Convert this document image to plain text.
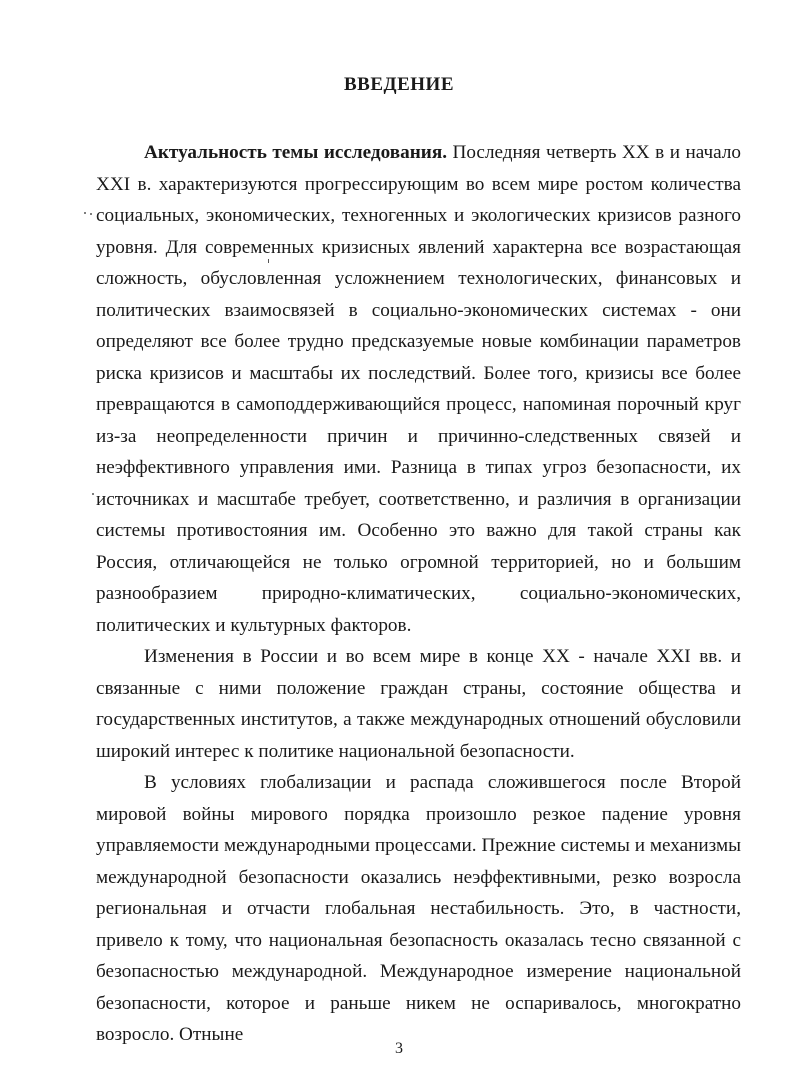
ВВЕДЕНИЕ

Актуальность темы исследования. Последняя четверть XX в и начало XXI в. характеризуются прогрессирующим во всем мире ростом количества социальных, экономических, техногенных и экологических кризисов разного уровня. Для современных кризисных явлений характерна все возрастающая сложность, обусловленная усложнением технологических, финансовых и политических взаимосвязей в социально-экономических системах - они определяют все более трудно предсказуемые новые комбинации параметров риска кризисов и масштабы их последствий. Более того, кризисы все более превращаются в самоподдерживающийся процесс, напоминая порочный круг из-за неопределенности причин и причинно-следственных связей и неэффективного управления ими. Разница в типах угроз безопасности, их источниках и масштабе требует, соответственно, и различия в организации системы противостояния им. Особенно это важно для такой страны как Россия, отличающейся не только огромной территорией, но и большим разнообразием природно-климатических, социально-экономических, политических и культурных факторов.

Изменения в России и во всем мире в конце XX - начале XXI вв. и связанные с ними положение граждан страны, состояние общества и государственных институтов, а также международных отношений обусловили широкий интерес к политике национальной безопасности.

В условиях глобализации и распада сложившегося после Второй мировой войны мирового порядка произошло резкое падение уровня управляемости международными процессами. Прежние системы и механизмы международной безопасности оказались неэффективными, резко возросла региональная и отчасти глобальная нестабильность. Это, в частности, привело к тому, что национальная безопасность оказалась тесно связанной с безопасностью международной. Международное измерение национальной безопасности, которое и раньше никем не оспаривалось, многократно возросло. Отныне

3
